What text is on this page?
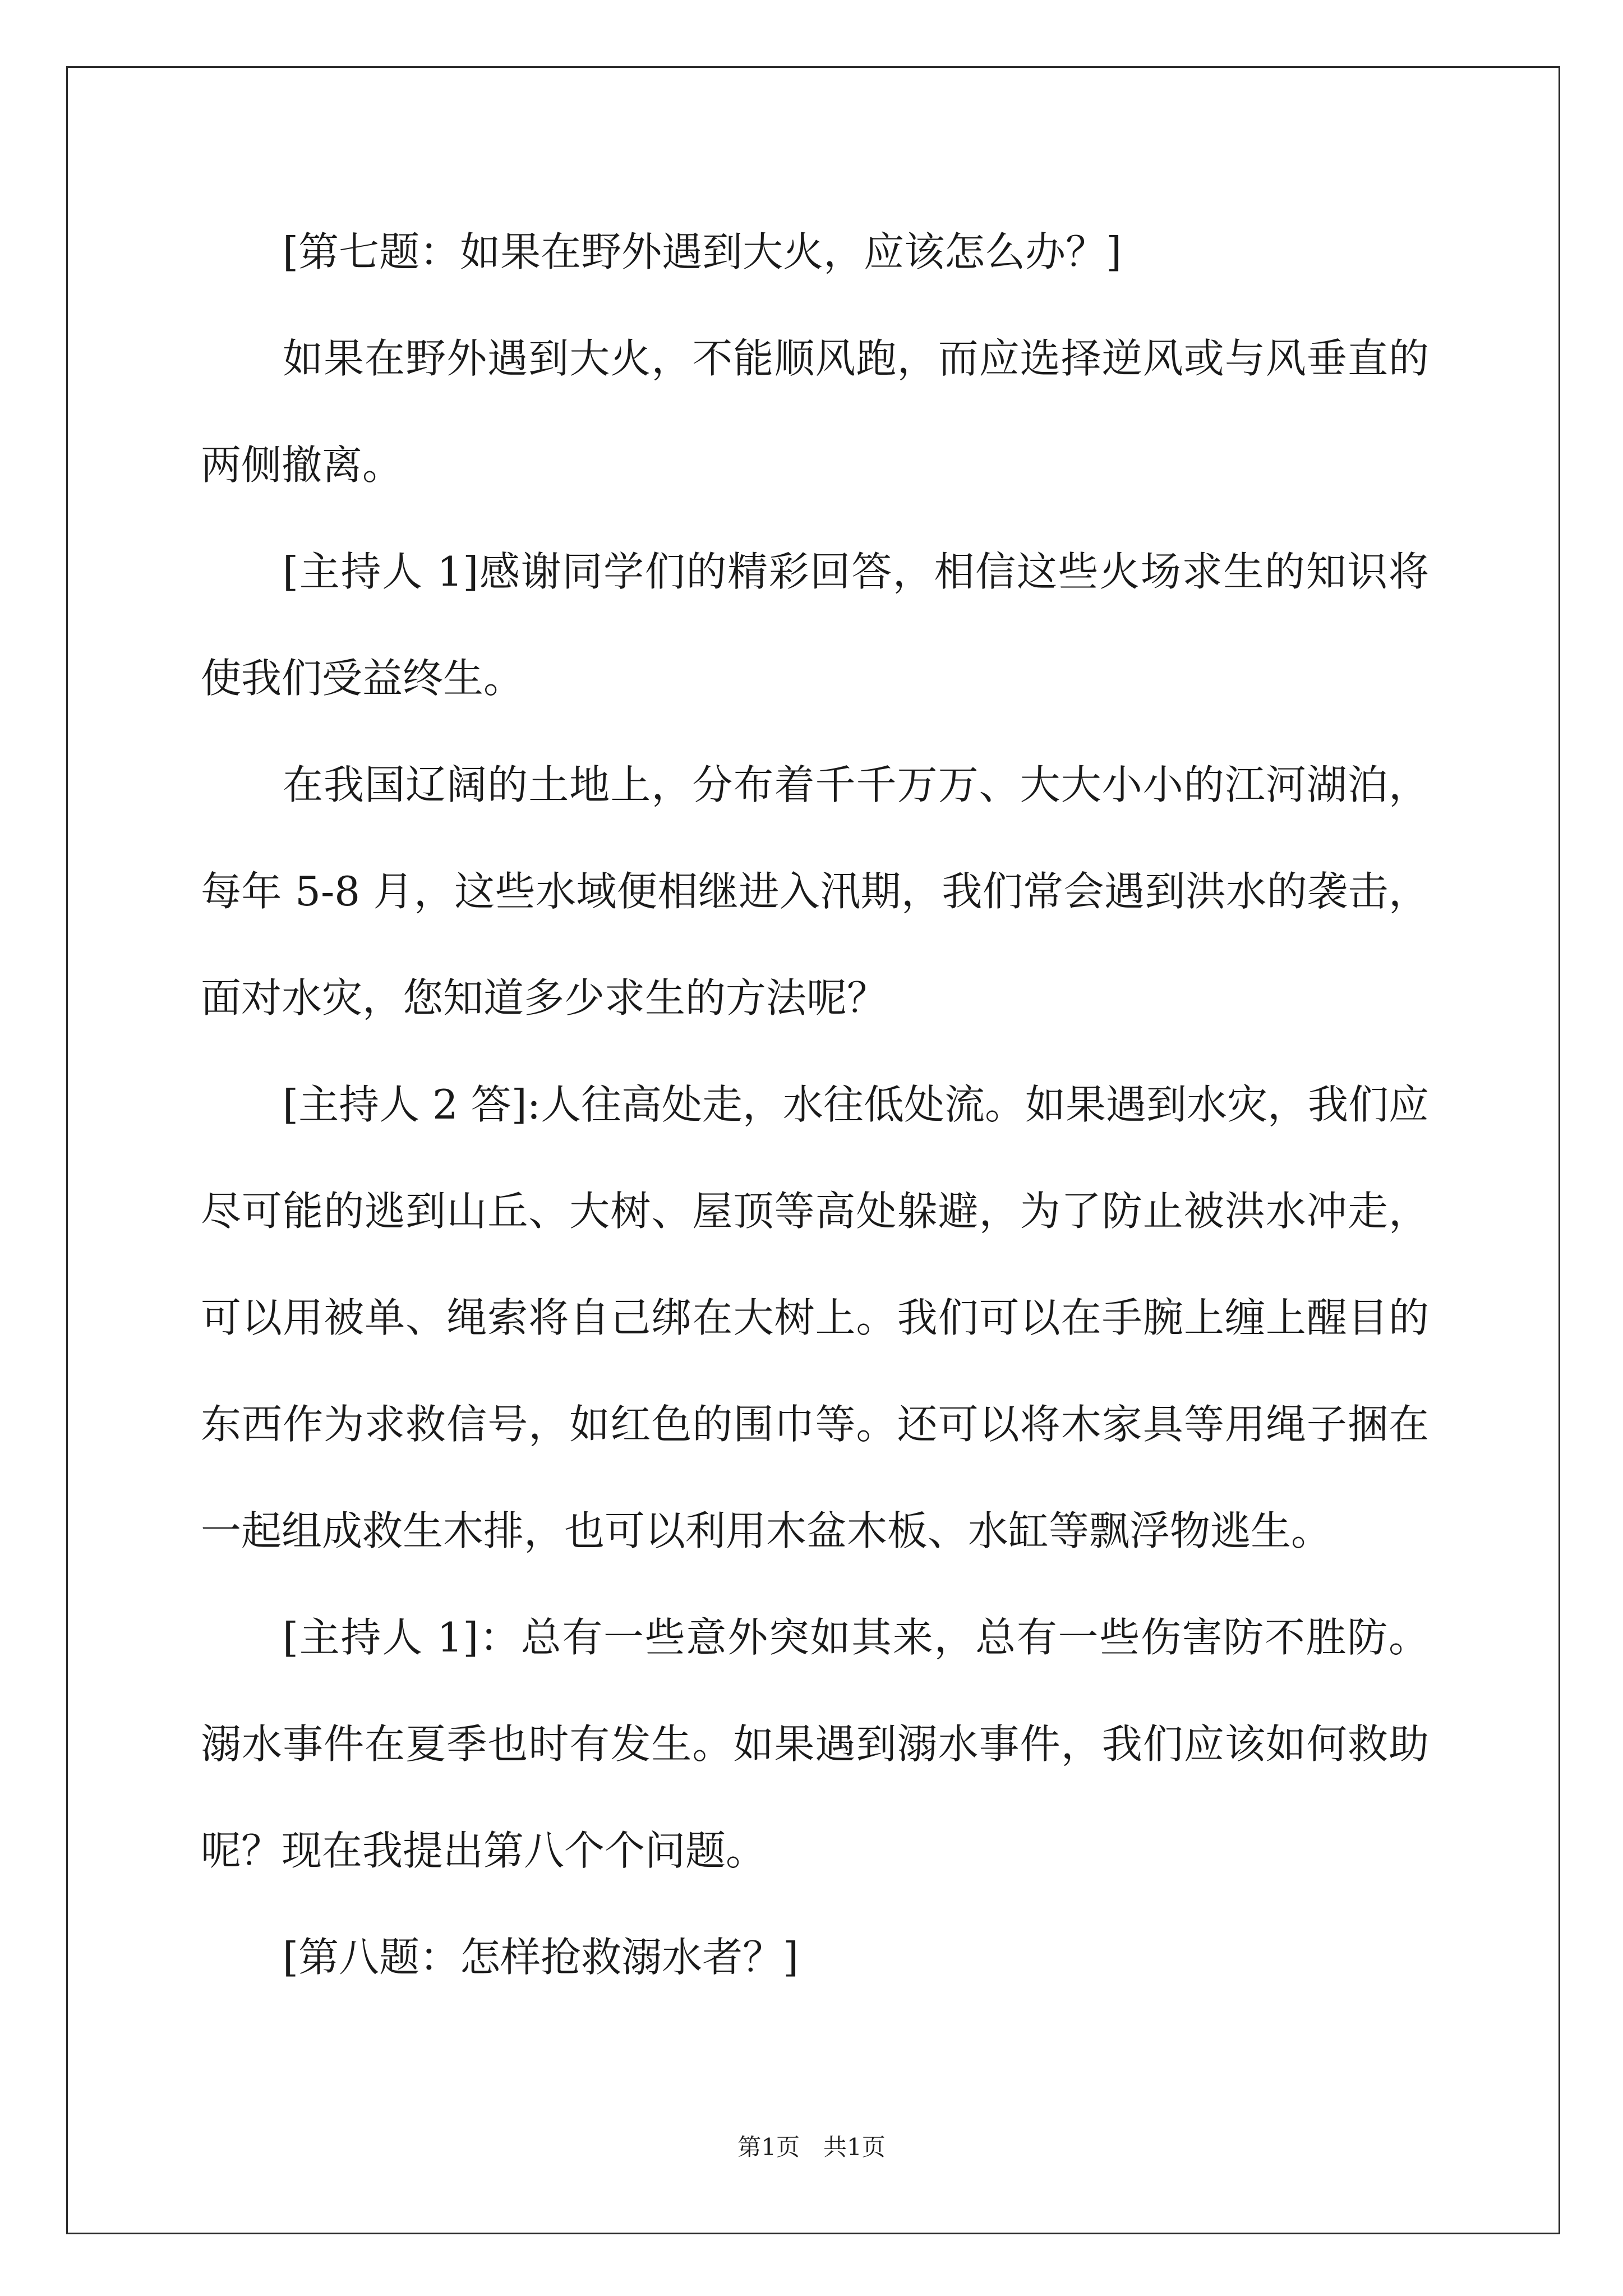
[第七题：如果在野外遇到大火，应该怎么办？]
如果在野外遇到大火，不能顺风跑，而应选择逆风或与风垂直的
两侧撤离。
[主持人 1]感谢同学们的精彩回答，相信这些火场求生的知识将
使我们受益终生。
在我国辽阔的土地上，分布着千千万万、大大小小的江河湖泊，
每年 5-8 月，这些水域便相继进入汛期，我们常会遇到洪水的袭击，
面对水灾，您知道多少求生的方法呢？
[主持人 2 答]:人往高处走，水往低处流。如果遇到水灾，我们应
尽可能的逃到山丘、大树、屋顶等高处躲避，为了防止被洪水冲走，
可以用被单、绳索将自己绑在大树上。我们可以在手腕上缠上醒目的
东西作为求救信号，如红色的围巾等。还可以将木家具等用绳子捆在
一起组成救生木排，也可以利用木盆木板、水缸等飘浮物逃生。
[主持人 1]：总有一些意外突如其来，总有一些伤害防不胜防。
溺水事件在夏季也时有发生。如果遇到溺水事件，我们应该如何救助
呢？现在我提出第八个个问题。
[第八题：怎样抢救溺水者？]
第1页　共1页
